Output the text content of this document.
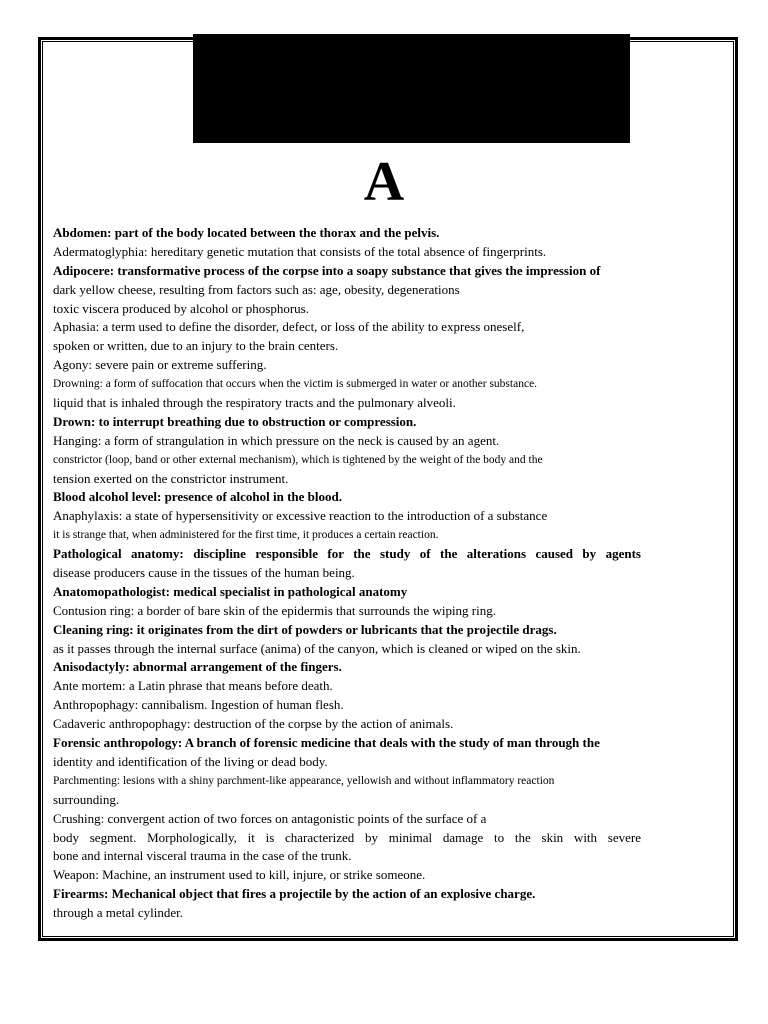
A
Abdomen: part of the body located between the thorax and the pelvis.
Adermatoglyphia: hereditary genetic mutation that consists of the total absence of fingerprints.
Adipocere: transformative process of the corpse into a soapy substance that gives the impression of
dark yellow cheese, resulting from factors such as: age, obesity, degenerations
toxic viscera produced by alcohol or phosphorus.
Aphasia: a term used to define the disorder, defect, or loss of the ability to express oneself,
spoken or written, due to an injury to the brain centers.
Agony: severe pain or extreme suffering.
Drowning: a form of suffocation that occurs when the victim is submerged in water or another substance.
liquid that is inhaled through the respiratory tracts and the pulmonary alveoli.
Drown: to interrupt breathing due to obstruction or compression.
Hanging: a form of strangulation in which pressure on the neck is caused by an agent.
constrictor (loop, band or other external mechanism), which is tightened by the weight of the body and the
tension exerted on the constrictor instrument.
Blood alcohol level: presence of alcohol in the blood.
Anaphylaxis: a state of hypersensitivity or excessive reaction to the introduction of a substance
it is strange that, when administered for the first time, it produces a certain reaction.
Pathological anatomy: discipline responsible for the study of the alterations caused by agents
disease producers cause in the tissues of the human being.
Anatomopathologist: medical specialist in pathological anatomy
Contusion ring: a border of bare skin of the epidermis that surrounds the wiping ring.
Cleaning ring: it originates from the dirt of powders or lubricants that the projectile drags.
as it passes through the internal surface (anima) of the canyon, which is cleaned or wiped on the skin.
Anisodactyly: abnormal arrangement of the fingers.
Ante mortem: a Latin phrase that means before death.
Anthropophagy: cannibalism. Ingestion of human flesh.
Cadaveric anthropophagy: destruction of the corpse by the action of animals.
Forensic anthropology: A branch of forensic medicine that deals with the study of man through the
identity and identification of the living or dead body.
Parchmenting: lesions with a shiny parchment-like appearance, yellowish and without inflammatory reaction
surrounding.
Crushing: convergent action of two forces on antagonistic points of the surface of a
body segment. Morphologically, it is characterized by minimal damage to the skin with severe
bone and internal visceral trauma in the case of the trunk.
Weapon: Machine, an instrument used to kill, injure, or strike someone.
Firearms: Mechanical object that fires a projectile by the action of an explosive charge.
through a metal cylinder.
